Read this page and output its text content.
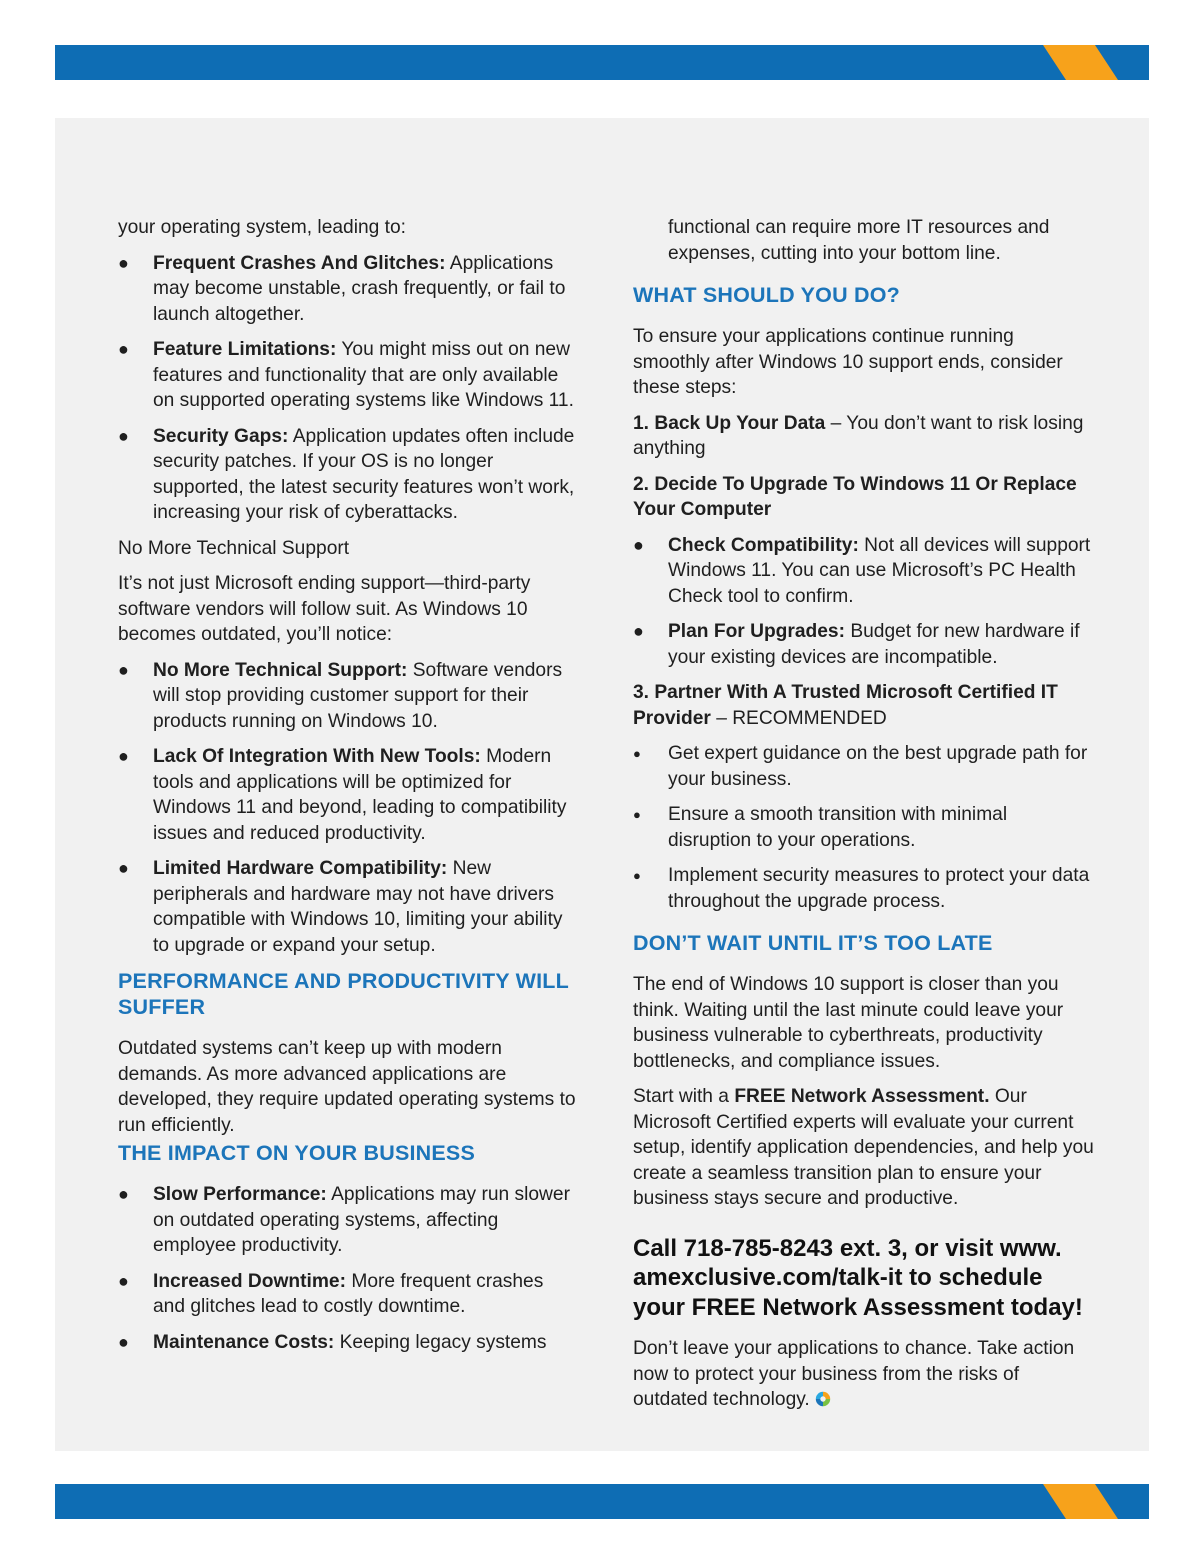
your operating system, leading to:

●	Frequent Crashes And Glitches: Applications may become unstable, crash frequently, or fail to launch altogether.
●	Feature Limitations: You might miss out on new features and functionality that are only available on supported operating systems like Windows 11.
●	Security Gaps: Application updates often include security patches. If your OS is no longer supported, the latest security features won’t work, increasing your risk of cyberattacks.

No More Technical Support

It’s not just Microsoft ending support—third-party software vendors will follow suit. As Windows 10 becomes outdated, you’ll notice:

●	No More Technical Support: Software vendors will stop providing customer support for their products running on Windows 10.
●	Lack Of Integration With New Tools: Modern tools and applications will be optimized for Windows 11 and beyond, leading to compatibility issues and reduced productivity.
●	Limited Hardware Compatibility: New peripherals and hardware may not have drivers compatible with Windows 10, limiting your ability to upgrade or expand your setup.
PERFORMANCE AND PRODUCTIVITY WILL SUFFER

Outdated systems can’t keep up with modern demands. As more advanced applications are developed, they require updated operating systems to run efficiently.

THE IMPACT ON YOUR BUSINESS
●	Slow Performance: Applications may run slower on outdated operating systems, affecting employee productivity.
●	Increased Downtime: More frequent crashes and glitches lead to costly downtime.
●	Maintenance Costs: Keeping legacy systems

functional can require more IT resources and expenses, cutting into your bottom line.

WHAT SHOULD YOU DO?

To ensure your applications continue running smoothly after Windows 10 support ends, consider these steps:

1. Back Up Your Data – You don’t want to risk losing anything

2. Decide To Upgrade To Windows 11 Or Replace Your Computer

●	Check Compatibility: Not all devices will support Windows 11. You can use Microsoft’s PC Health Check tool to confirm.
●	Plan For Upgrades: Budget for new hardware if your existing devices are incompatible.

3. Partner With A Trusted Microsoft Certified IT Provider – RECOMMENDED

●	Get expert guidance on the best upgrade path for your business.
●	Ensure a smooth transition with minimal disruption to your operations.
●	Implement security measures to protect your data throughout the upgrade process.
DON’T WAIT UNTIL IT’S TOO LATE

The end of Windows 10 support is closer than you think. Waiting until the last minute could leave your business vulnerable to cyberthreats, productivity bottlenecks, and compliance issues.

Start with a FREE Network Assessment. Our Microsoft Certified experts will evaluate your current setup, identify application dependencies, and help you create a seamless transition plan to ensure your business stays secure and productive.

Call 718-785-8243 ext. 3, or visit www. amexclusive.com/talk-it to schedule your FREE Network Assessment today!

Don’t leave your applications to chance. Take action now to protect your business from the risks of outdated technology.
